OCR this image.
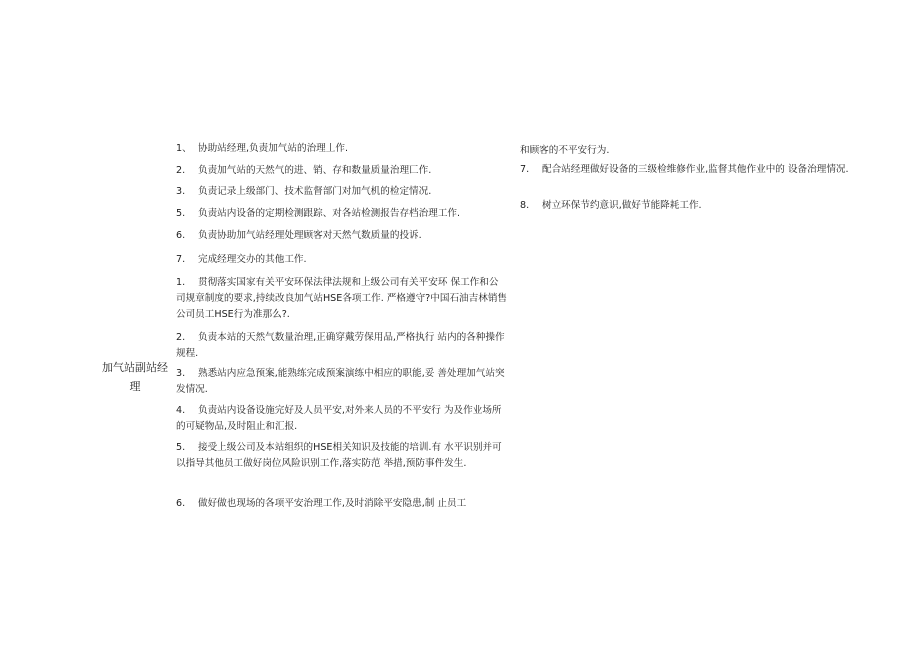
加气站副站经理
1、 协助站经理,负责加气站的治理丄作.
2. 负责加气站的天然气的进、销、存和数量质量治理匸作.
3. 负责记录上级部门、技术监督部门对加气机的检定情况.
5. 负责站内设备的定期检测跟踪、对各站检测报告存档治理工作.
6. 负责协助加气站经理处理顾客对天然气数质量的投诉.
7. 完成经理交办的其他工作.
1. 贯彻落实国家有关平安环保法律法规和上级公司有关平安环 保工作和公司规章制度的要求,持续改良加气站HSE各项工作. 严格遵守?中国石油吉林销售公司员工HSE行为准那么?.
2. 负责本站的天然气数量治理,正确穿戴劳保用品,严格执行 站内的各种操作规程.
3. 熟悉站内应急预案,能熟练完成预案演练中相应的职能,妥 善处理加气站突发情况.
4. 负责站内设备设施完好及人员平安,对外来人员的不平安行 为及作业场所的可疑物品,及时阻止和汇报.
5. 接受上级公司及本站组织的HSE相关知识及技能的培训.有 水平识别并可以指导其他员工做好岗位风险识别工作,落实防范 举措,预防事件发生.
6. 做好做也现场的各项平安治理工作,及时消除平安隐患,制 止员工
和顾客的不平安行为.
7. 配合站经理做好设备的三级检维修作业,监督其他作业中的 设备治理情况.
8. 树立环保节约意识,做好节能降耗工作.
